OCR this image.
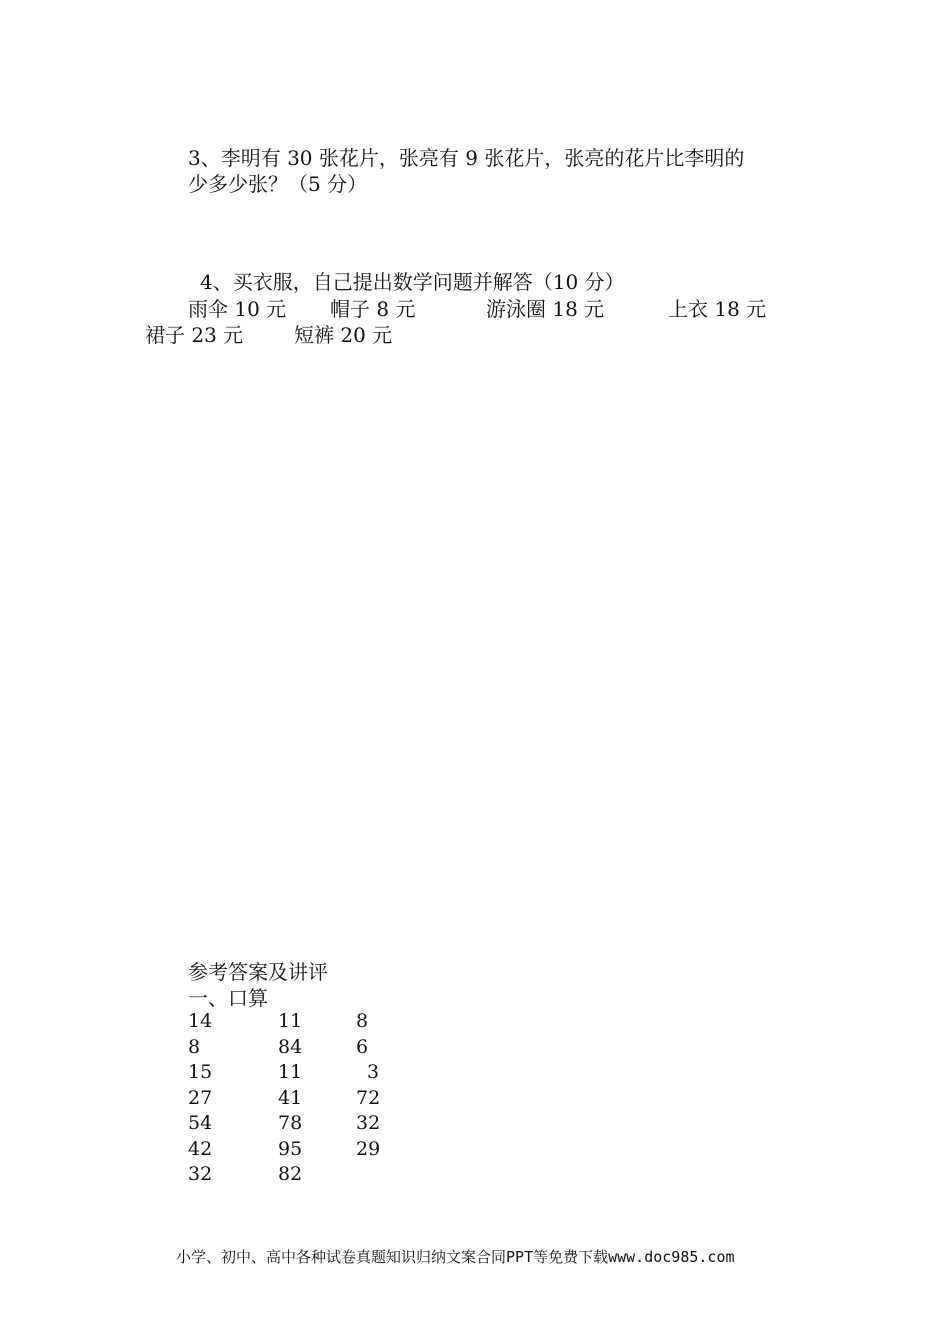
3、李明有 30 张花片，张亮有 9 张花片，张亮的花片比李明的
少多少张？（5 分）
4、买衣服，自己提出数学问题并解答（10 分）
雨伞 10 元 帽子 8 元	游泳圈 18 元	上衣 18 元
裙子 23 元	短裤 20 元
参考答案及讲评
一、口算
14	11	8
8	84	6
15	11	3
27	41	72
54	78	32
42	95	29
32	82
小学、初中、高中各种试卷真题知识归纳文案合同PPT等免费下载www.doc985.com
